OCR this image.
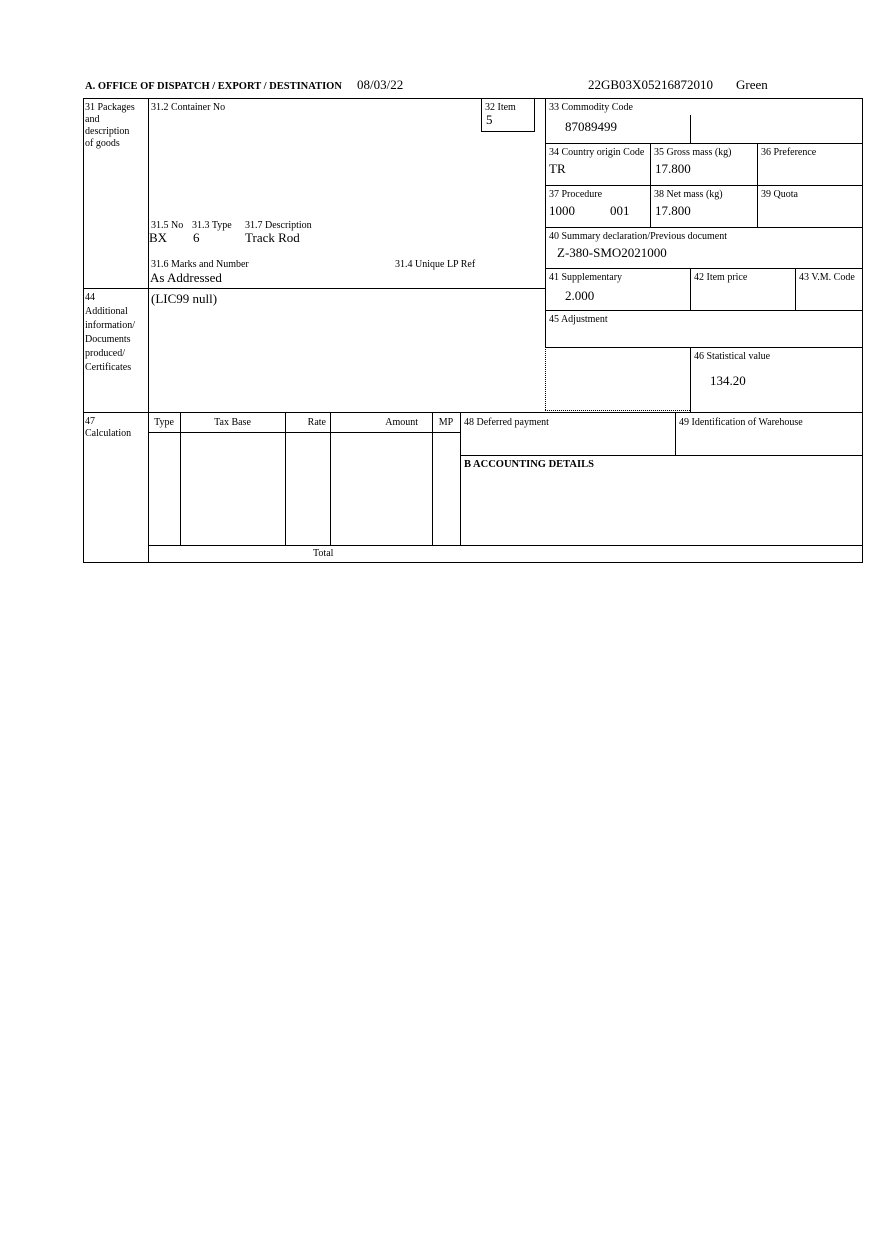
A. OFFICE OF DISPATCH / EXPORT / DESTINATION 08/03/22	22GB03X05216872010 Green
31 Packages
and
description
of goods
44
Additional
information/
Documents
produced/
Certificates
47
Calculation
31.2 Container No	32 Item
5
31.5 No 31.3 Type 31.7 Description
BX 6	Track Rod
31.6 Marks and Number	31.4 Unique LP Ref
As Addressed
33 Commodity Code
87089499
34 Country origin Code
TR
35 Gross mass (kg)
17.800
36 Preference
37 Procedure
1000	001
38 Net mass (kg)
17.800
39 Quota
40 Summary declaration/Previous document
Z-380-SMO2021000
41 Supplementary
2.000
42 Item price	43 V.M. Code
(LIC99 null)
45 Adjustment
46 Statistical value
134.20
Type	Tax Base	Rate	Amount	MP
Total
48 Deferred payment	49 Identification of Warehouse
B ACCOUNTING DETAILS
